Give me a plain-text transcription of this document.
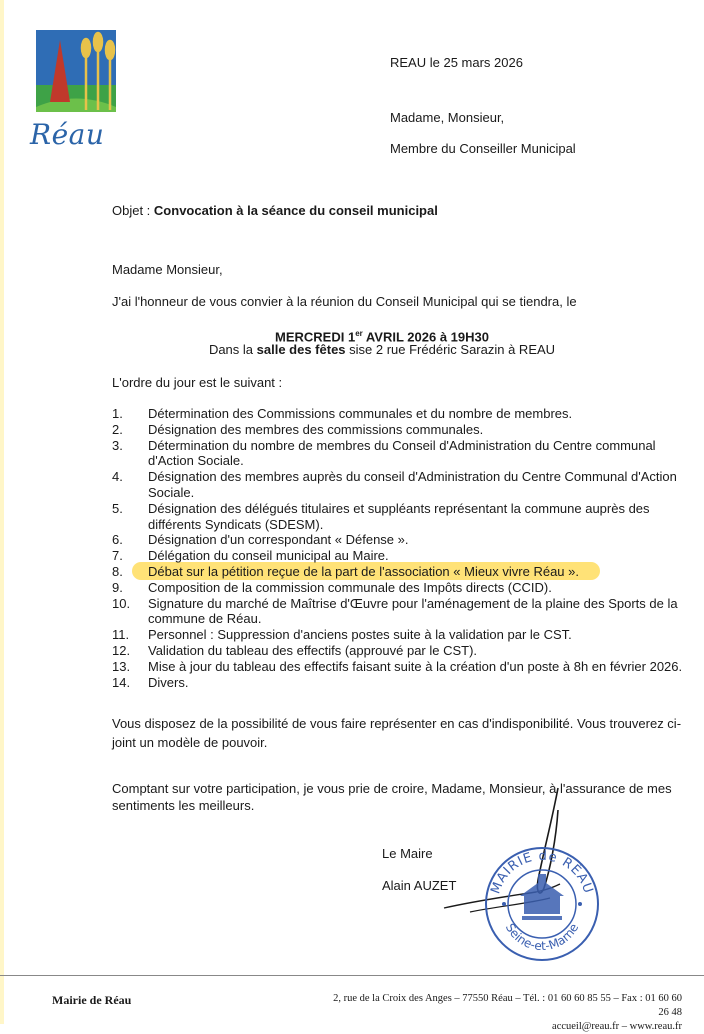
Réau
REAU le 25 mars 2026
Madame, Monsieur,
Membre du Conseiller Municipal
Objet : Convocation à la séance du conseil municipal
Madame Monsieur,
J'ai l'honneur de vous convier à la réunion du Conseil Municipal qui se tiendra, le
MERCREDI 1er AVRIL 2026 à 19H30
Dans la salle des fêtes sise 2 rue Frédéric Sarazin à REAU
L'ordre du jour est le suivant :
1. Détermination des Commissions communales et du nombre de membres.
2. Désignation des membres des commissions communales.
3. Détermination du nombre de membres du Conseil d'Administration du Centre communal d'Action Sociale.
4. Désignation des membres auprès du conseil d'Administration du Centre Communal d'Action Sociale.
5. Désignation des délégués titulaires et suppléants représentant la commune auprès des différents Syndicats (SDESM).
6. Désignation d'un correspondant « Défense ».
7. Délégation du conseil municipal au Maire.
8. Débat sur la pétition reçue de la part de l'association « Mieux vivre Réau ».
9. Composition de la commission communale des Impôts directs (CCID).
10. Signature du marché de Maîtrise d'Œuvre pour l'aménagement de la plaine des Sports de la commune de Réau.
11. Personnel : Suppression d'anciens postes suite à la validation par le CST.
12. Validation du tableau des effectifs (approuvé par le CST).
13. Mise à jour du tableau des effectifs faisant suite à la création d'un poste à 8h en février 2026.
14. Divers.
Vous disposez de la possibilité de vous faire représenter en cas d'indisponibilité. Vous trouverez ci-joint un modèle de pouvoir.
Comptant sur votre participation, je vous prie de croire, Madame, Monsieur, à l'assurance de mes sentiments les meilleurs.
Le Maire
Alain AUZET MAIRIE de RÉAU
Seine-et-Marne
Mairie de Réau	2, rue de la Croix des Anges – 77550 Réau – Tél. : 01 60 60 85 55 – Fax : 01 60 60 26 48
accueil@reau.fr – www.reau.fr
